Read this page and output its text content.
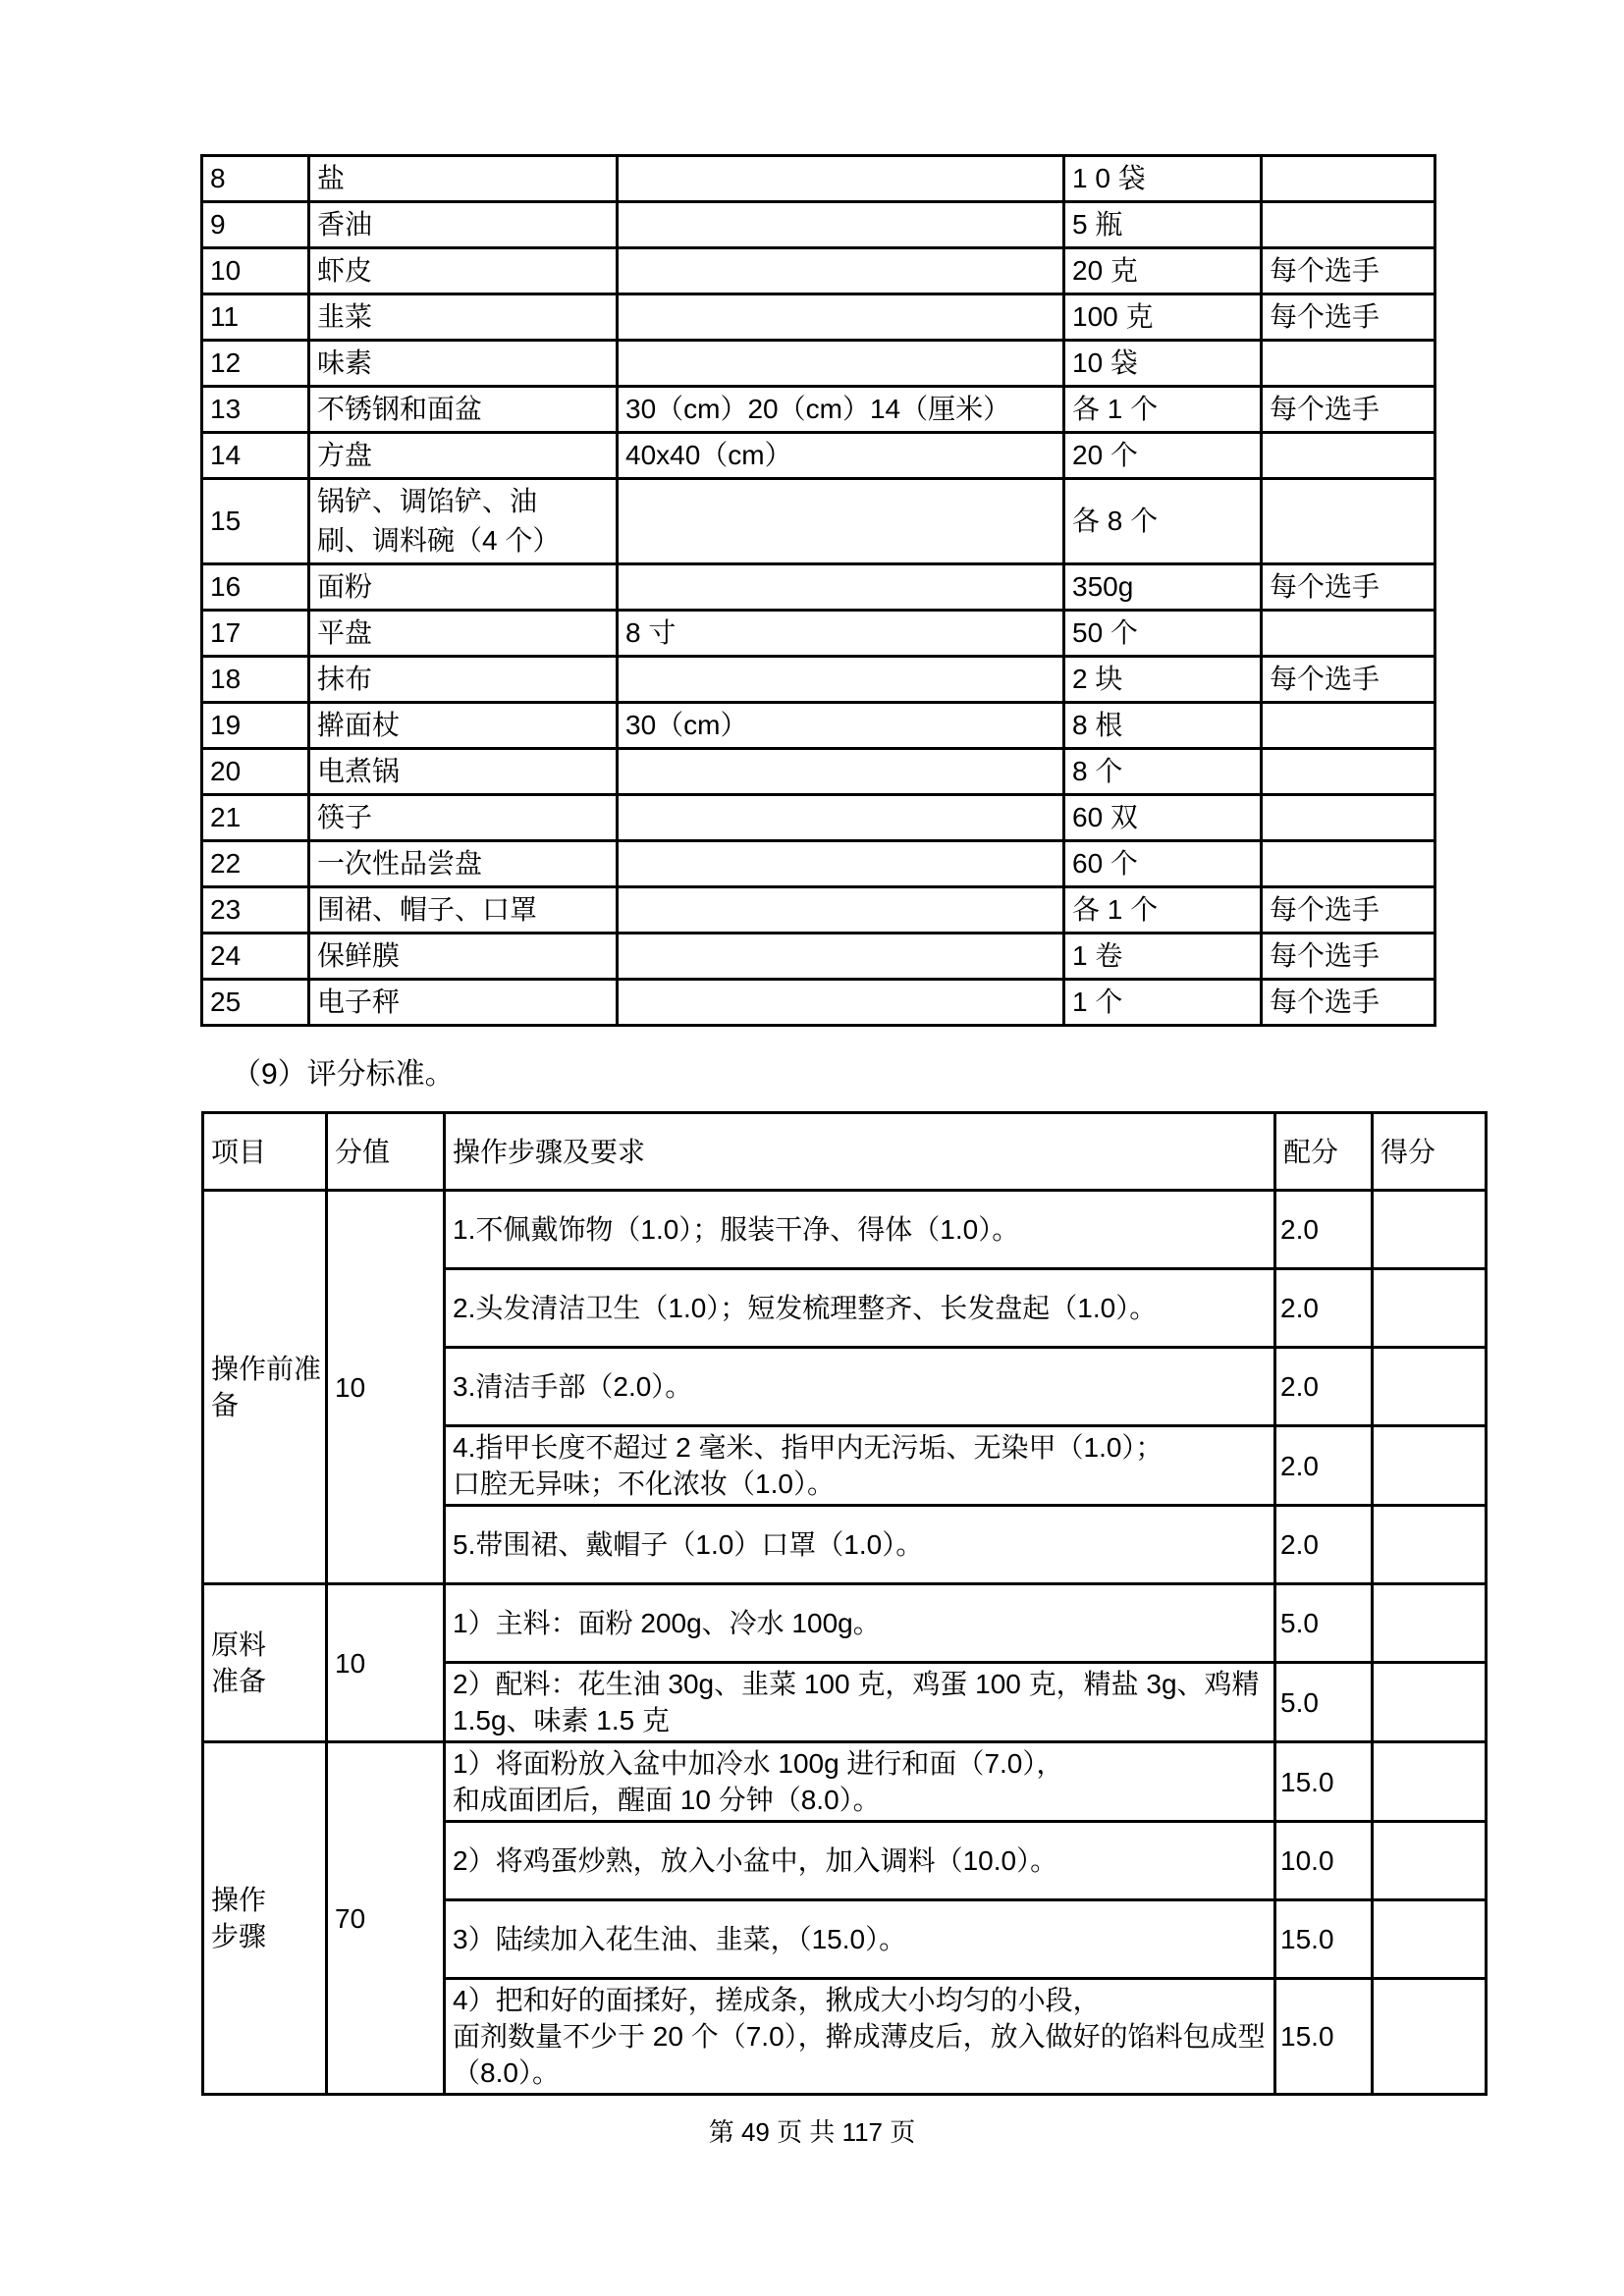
8	盐		1 0 袋	

9	香油		5 瓶	

10	虾皮		20 克	每个选手

11	韭菜		100 克	每个选手

12	味素		10 袋	

13	不锈钢和面盆	30（cm）20（cm）14（厘米）	各 1 个	每个选手

14	方盘	40x40（cm）	20 个	

15	锅铲、调馅铲、油
刷、调料碗（4 个）		各 8 个	

16	面粉		350g	每个选手

17	平盘	8 寸	50 个	

18	抹布		2 块	每个选手

19	擀面杖	30（cm）	8 根	

20	电煮锅		8 个	

21	筷子		60 双	

22	一次性品尝盘		60 个	

23	围裙、帽子、口罩		各 1 个	每个选手

24	保鲜膜		1 卷	每个选手

25	电子秤		1 个	每个选手
（9）评分标准。
项目	分值	操作步骤及要求	配分	得分

操作前准
备	10	1.不佩戴饰物（1.0）；服装干净、得体（1.0）。	2.0	

		2.头发清洁卫生（1.0）；短发梳理整齐、长发盘起（1.0）。	2.0	

		3.清洁手部（2.0）。	2.0	

		4.指甲长度不超过 2 毫米、指甲内无污垢、无染甲（1.0）；
口腔无异味；不化浓妆（1.0）。	2.0	

		5.带围裙、戴帽子（1.0）口罩（1.0）。	2.0	

原料
准备	10	1）主料：面粉 200g、冷水 100g。	5.0	

		2）配料：花生油 30g、韭菜 100 克，鸡蛋 100 克，精盐 3g、鸡精
1.5g、味素 1.5 克	5.0	

操作
步骤	70	1）将面粉放入盆中加冷水 100g 进行和面（7.0），
和成面团后，醒面 10 分钟（8.0）。	15.0	

		2）将鸡蛋炒熟，放入小盆中，加入调料（10.0）。	10.0	

		3）陆续加入花生油、韭菜，（15.0）。	15.0	

		4）把和好的面揉好，搓成条，揪成大小均匀的小段，
面剂数量不少于 20 个（7.0），擀成薄皮后，放入做好的馅料包成型
（8.0）。	15.0	
第 49 页 共 117 页
